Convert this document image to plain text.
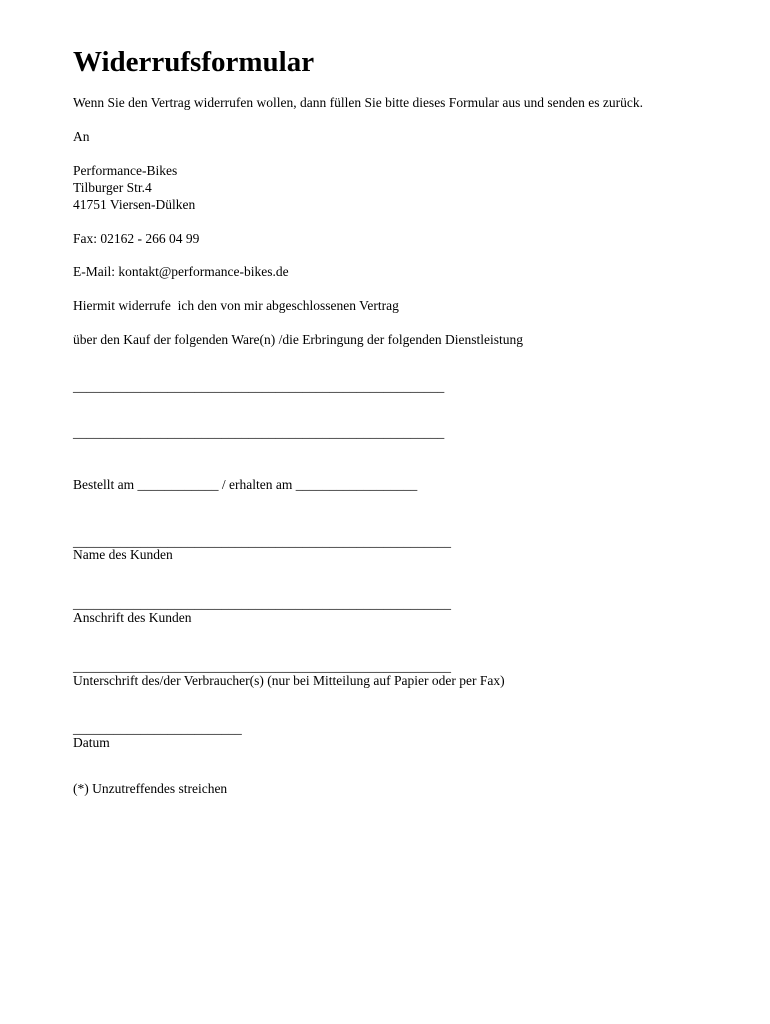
Widerrufsformular
Wenn Sie den Vertrag widerrufen wollen, dann füllen Sie bitte dieses Formular aus und senden es zurück.
An
Performance-Bikes
Tilburger Str.4
41751 Viersen-Dülken
Fax: 02162 - 266 04 99
E-Mail: kontakt@performance-bikes.de
Hiermit widerrufe  ich den von mir abgeschlossenen Vertrag
über den Kauf der folgenden Ware(n) /die Erbringung der folgenden Dienstleistung
_______________________________________________________
_______________________________________________________
Bestellt am ____________ / erhalten am __________________
________________________________________________________
Name des Kunden
________________________________________________________
Anschrift des Kunden
________________________________________________________
Unterschrift des/der Verbraucher(s) (nur bei Mitteilung auf Papier oder per Fax)
_________________________
Datum
(*) Unzutreffendes streichen
